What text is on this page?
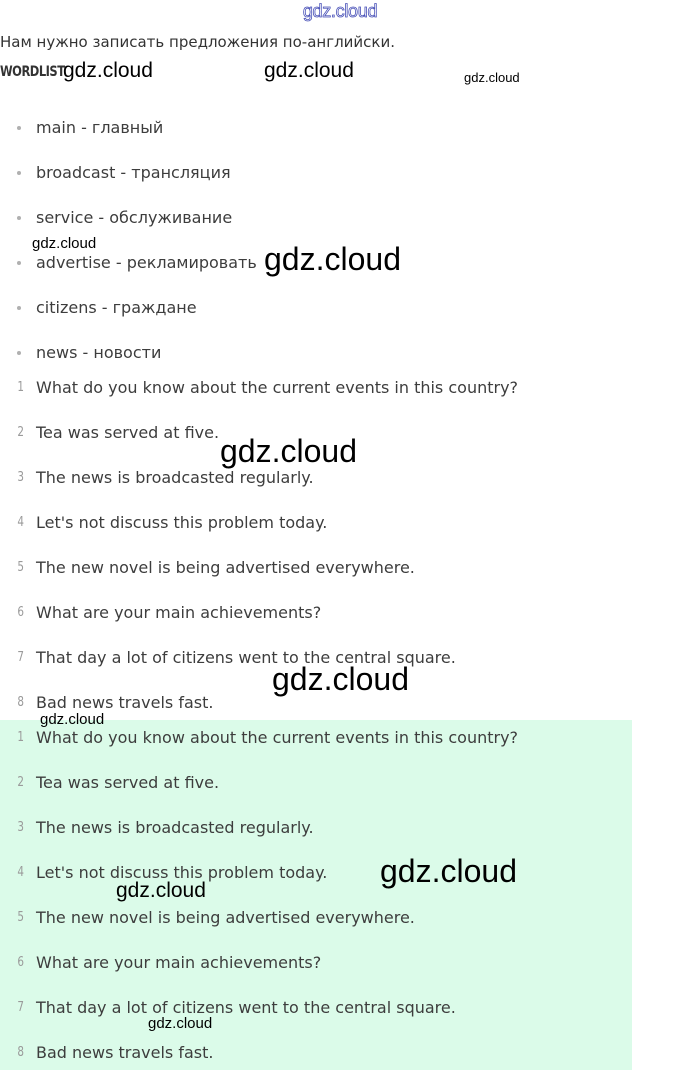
gdz.cloud
Нам нужно записать предложения по-английски.
WORDLIST
main - главный
broadcast - трансляция
service - обслуживание
advertise - рекламировать
citizens - граждане
news - новости
1 What do you know about the current events in this country?
2 Tea was served at five.
3 The news is broadcasted regularly.
4 Let's not discuss this problem today.
5 The new novel is being advertised everywhere.
6 What are your main achievements?
7 That day a lot of citizens went to the central square.
8 Bad news travels fast.
1 What do you know about the current events in this country?
2 Tea was served at five.
3 The news is broadcasted regularly.
4 Let's not discuss this problem today.
5 The new novel is being advertised everywhere.
6 What are your main achievements?
7 That day a lot of citizens went to the central square.
8 Bad news travels fast.
gdz.cloud	gdz.cloud	gdz.cloud
gdz.cloud	gdz.cloud
gdz.cloud
gdz.cloud
gdz.cloud
gdz.cloud
gdz.cloud
gdz.cloud
